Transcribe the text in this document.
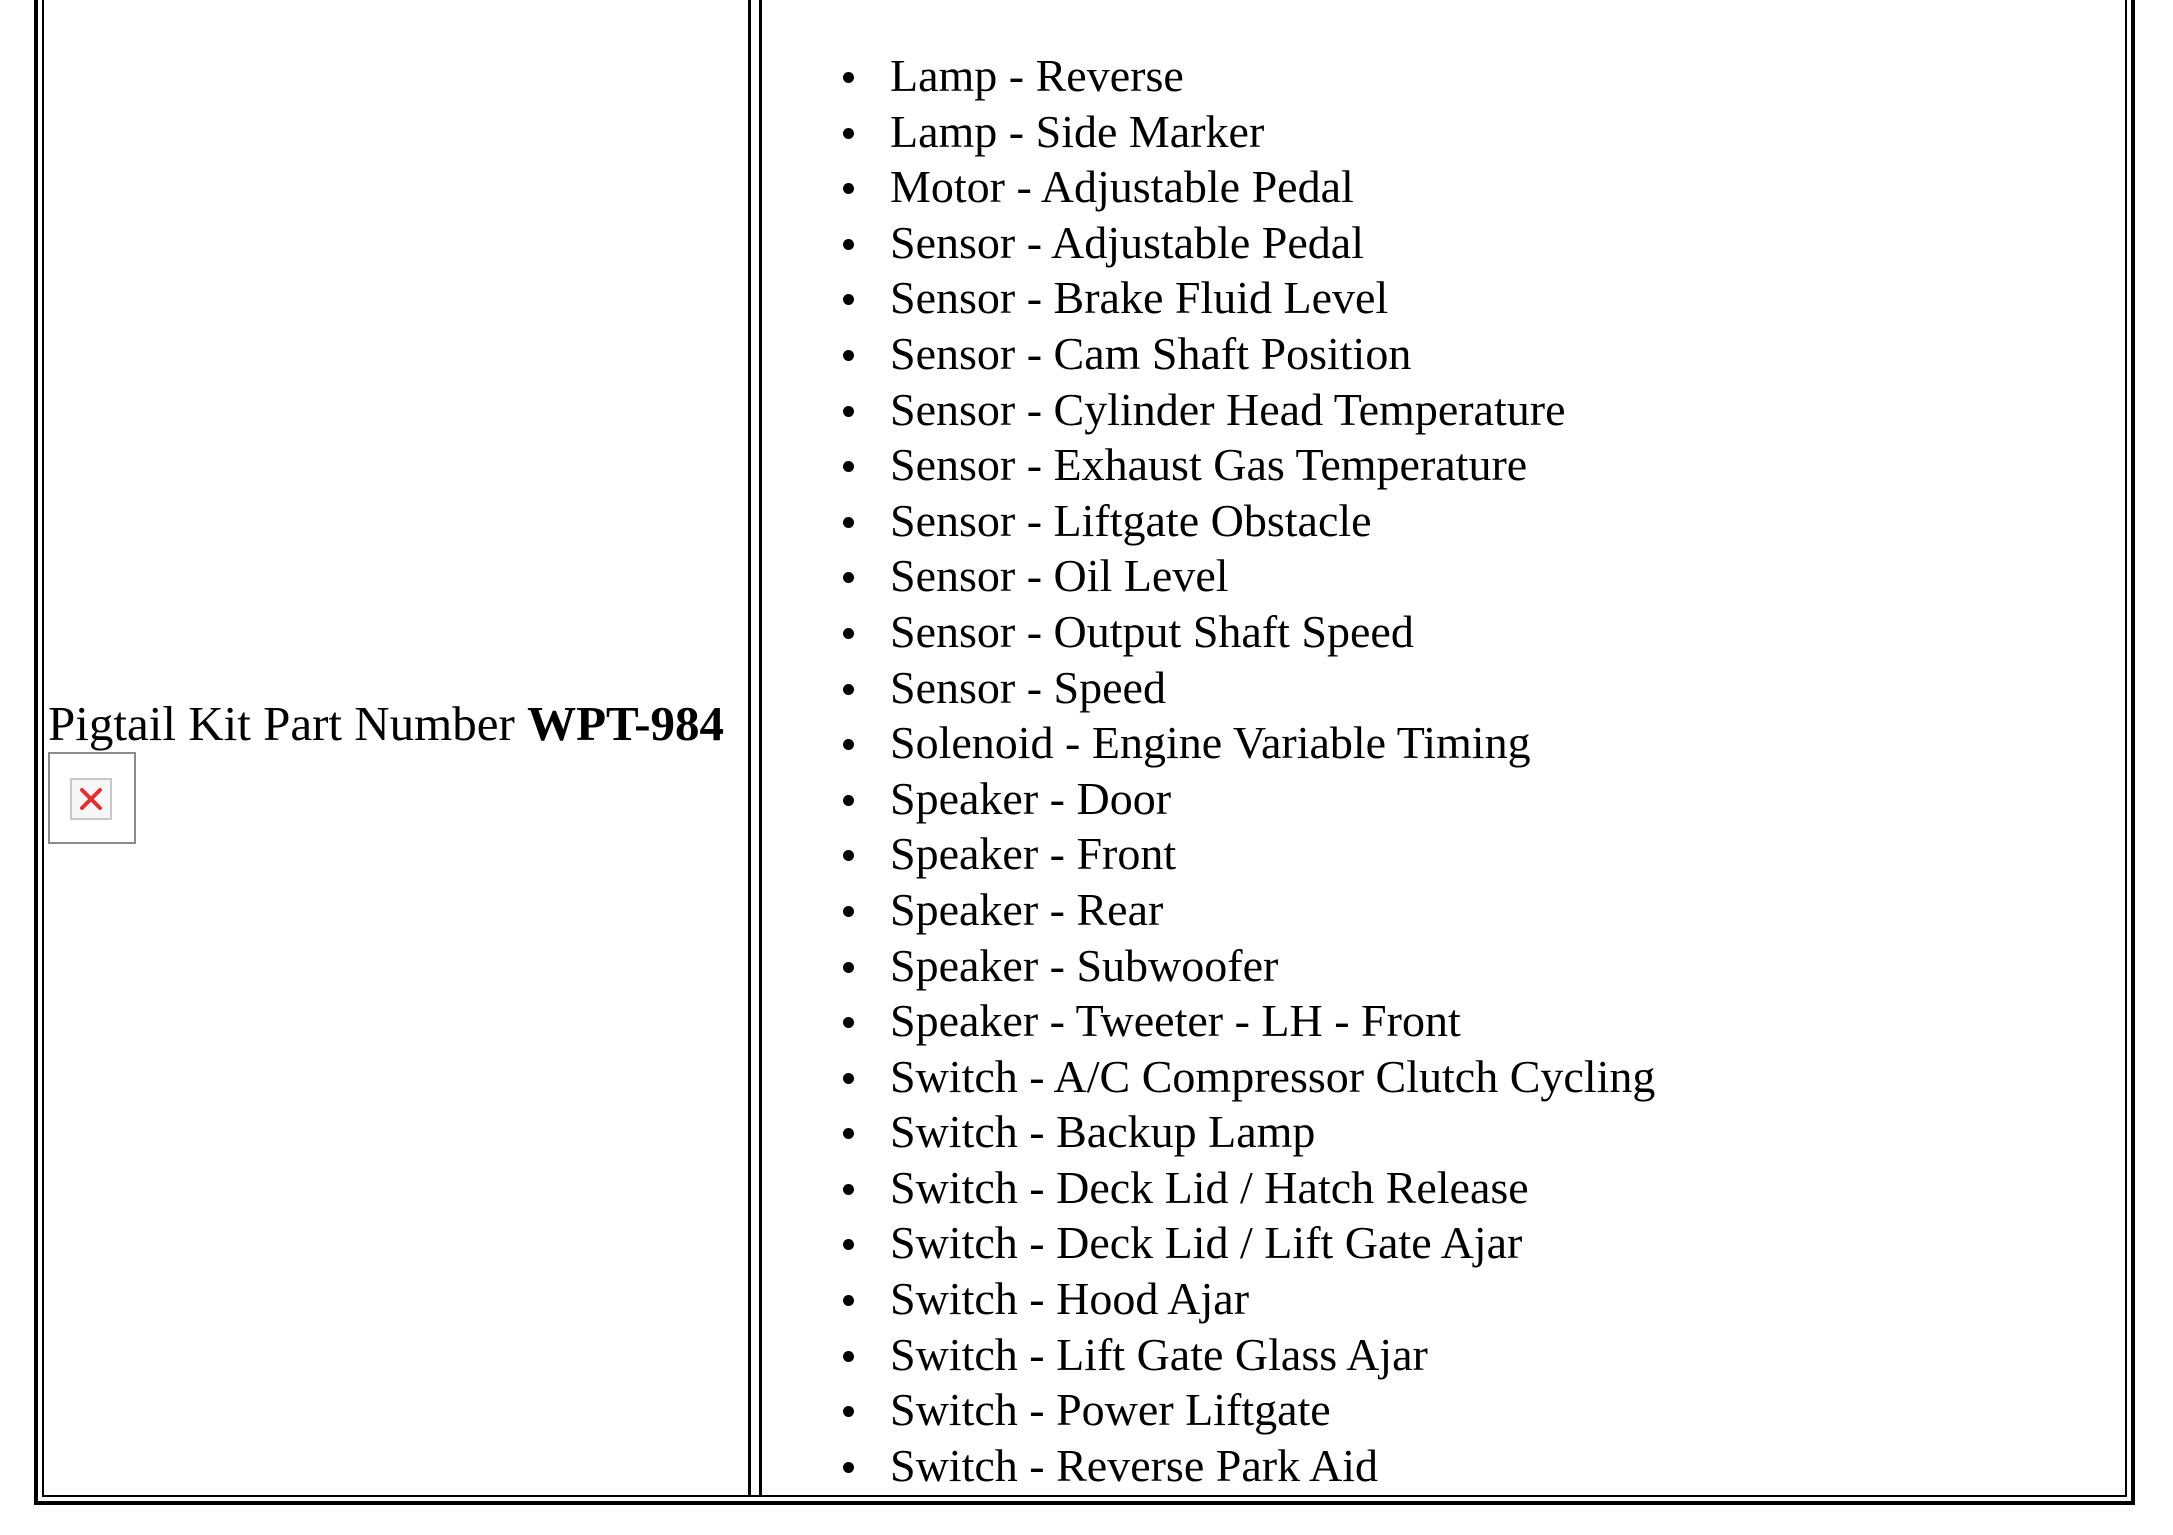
Pigtail Kit Part Number WPT-984
Lamp - Reverse
Lamp - Side Marker
Motor - Adjustable Pedal
Sensor - Adjustable Pedal
Sensor - Brake Fluid Level
Sensor - Cam Shaft Position
Sensor - Cylinder Head Temperature
Sensor - Exhaust Gas Temperature
Sensor - Liftgate Obstacle
Sensor - Oil Level
Sensor - Output Shaft Speed
Sensor - Speed
Solenoid - Engine Variable Timing
Speaker - Door
Speaker - Front
Speaker - Rear
Speaker - Subwoofer
Speaker - Tweeter - LH - Front
Switch - A/C Compressor Clutch Cycling
Switch - Backup Lamp
Switch - Deck Lid / Hatch Release
Switch - Deck Lid / Lift Gate Ajar
Switch - Hood Ajar
Switch - Lift Gate Glass Ajar
Switch - Power Liftgate
Switch - Reverse Park Aid
